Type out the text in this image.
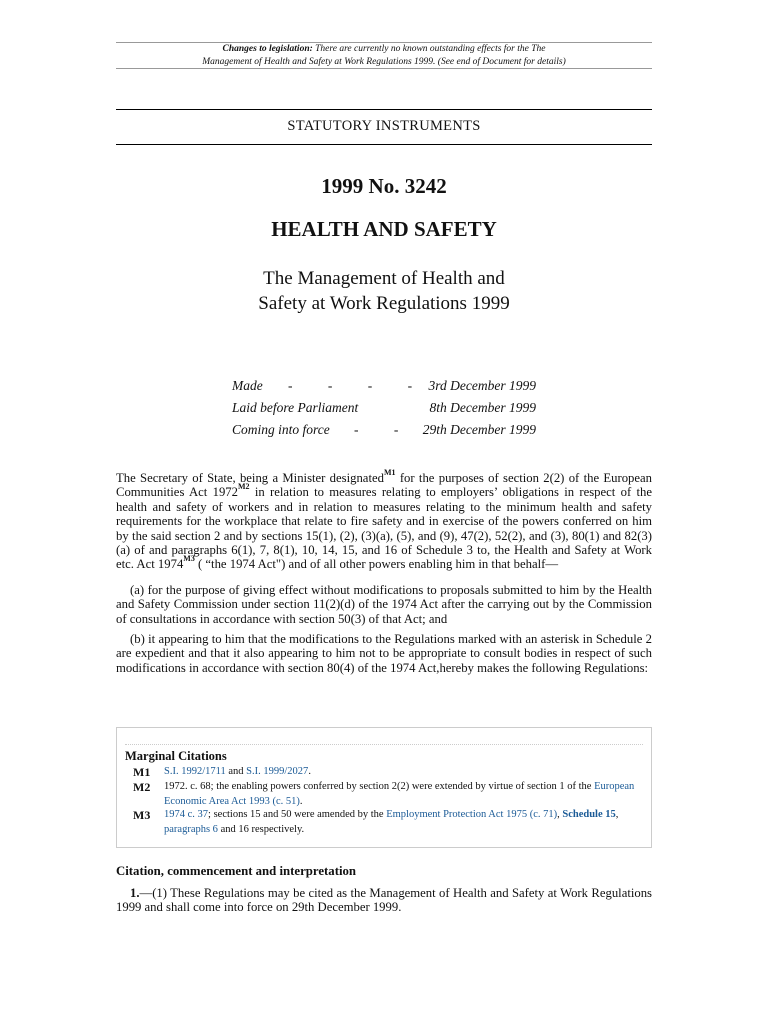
Changes to legislation: There are currently no known outstanding effects for the The
Management of Health and Safety at Work Regulations 1999. (See end of Document for details)
STATUTORY INSTRUMENTS
1999 No. 3242
HEALTH AND SAFETY
The Management of Health and
Safety at Work Regulations 1999
Made - - - - 3rd December 1999
Laid before Parliament	8th December 1999
Coming into force - - 29th December 1999
The Secretary of State, being a Minister designated$^{M1}$ for the purposes of section 2(2) of the European Communities Act $1972^{M2}$ in relation to measures relating to employers’ obligations in respect of the health and safety of workers and in relation to measures relating to the minimum health and safety requirements for the workplace that relate to fire safety and in exercise of the powers conferred on him by the said section 2 and by sections 15(1), (2), (3)(a), (5), and (9), 47(2), 52(2), and (3), 80(1) and 82(3)(a) of and paragraphs 6(1), 7, 8(1), 10, 14, 15, and 16 of Schedule 3 to, the Health and Safety at Work etc. Act $1974^{M3}$ ( “the 1974 Act") and of all other powers enabling him in that behalf—
(a) for the purpose of giving effect without modifications to proposals submitted to him by the Health and Safety Commission under section 11(2)(d) of the 1974 Act after the carrying out by the Commission of consultations in accordance with section 50(3) of that Act; and
(b) it appearing to him that the modifications to the Regulations marked with an asterisk in Schedule 2 are expedient and that it also appearing to him not to be appropriate to consult bodies in respect of such modifications in accordance with section 80(4) of the 1974 Act,hereby makes the following Regulations:
Marginal Citations
M1 S.I. 1992/1711 and S.I. 1999/2027.
M2 1972. c. 68; the enabling powers conferred by section 2(2) were extended by virtue of section 1 of the European Economic Area Act 1993 (c. 51).
M3 1974 c. 37; sections 15 and 50 were amended by the Employment Protection Act 1975 (c. 71), Schedule 15, paragraphs 6 and 16 respectively.
Citation, commencement and interpretation
1.—(1) These Regulations may be cited as the Management of Health and Safety at Work Regulations 1999 and shall come into force on 29th December 1999.
